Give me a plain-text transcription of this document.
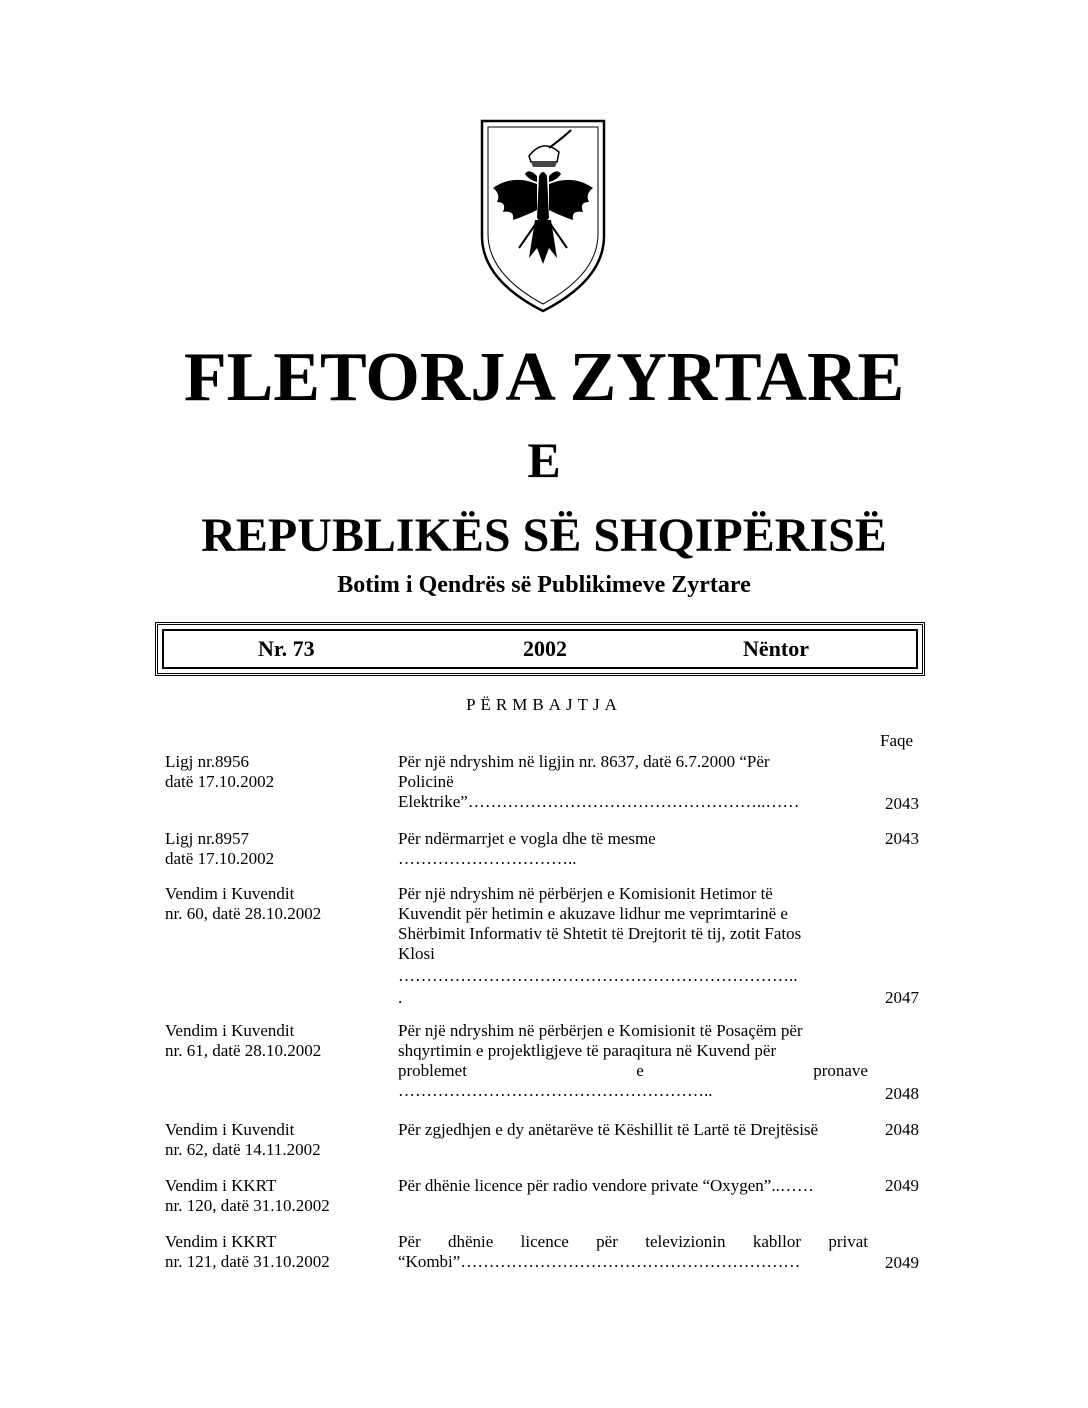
FLETORJA ZYRTARE
E
REPUBLIKËS SË SHQIPËRISË
Botim i Qendrës së Publikimeve Zyrtare
Nr. 73	2002	Nëntor
PËRMBAJTJA
Faqe
Ligj nr.8956
datë 17.10.2002
Për një ndryshim në ligjin nr. 8637, datë 6.7.2000 “Për
Policinë
Elektrike”……………………………………………..……	2043
Ligj nr.8957
datë 17.10.2002
Për ndërmarrjet e vogla dhe të mesme
…………………………..
2043
Vendim i Kuvendit
nr. 60, datë 28.10.2002
Për një ndryshim në përbërjen e Komisionit Hetimor të
Kuvendit për hetimin e akuzave lidhur me veprimtarinë e
Shërbimit Informativ të Shtetit të Drejtorit të tij, zotit Fatos
Klosi
……………………………………………………………..
.	2047
Vendim i Kuvendit
nr. 61, datë 28.10.2002
Për një ndryshim në përbërjen e Komisionit të Posaçëm për
shqyrtimin e projektligjeve të paraqitura në Kuvend për
problemet	e	pronave
………………………………………………..	2048
Vendim i Kuvendit
nr. 62, datë 14.11.2002
Për zgjedhjen e dy anëtarëve të Këshillit të Lartë të Drejtësisë	2048
Vendim i KKRT
nr. 120, datë 31.10.2002
Për dhënie licence për radio vendore private “Oxygen”..……	2049
Vendim i KKRT
nr. 121, datë 31.10.2002
Për dhënie licence për televizionin kabllor privat
“Kombi”……………………………………………………	2049
